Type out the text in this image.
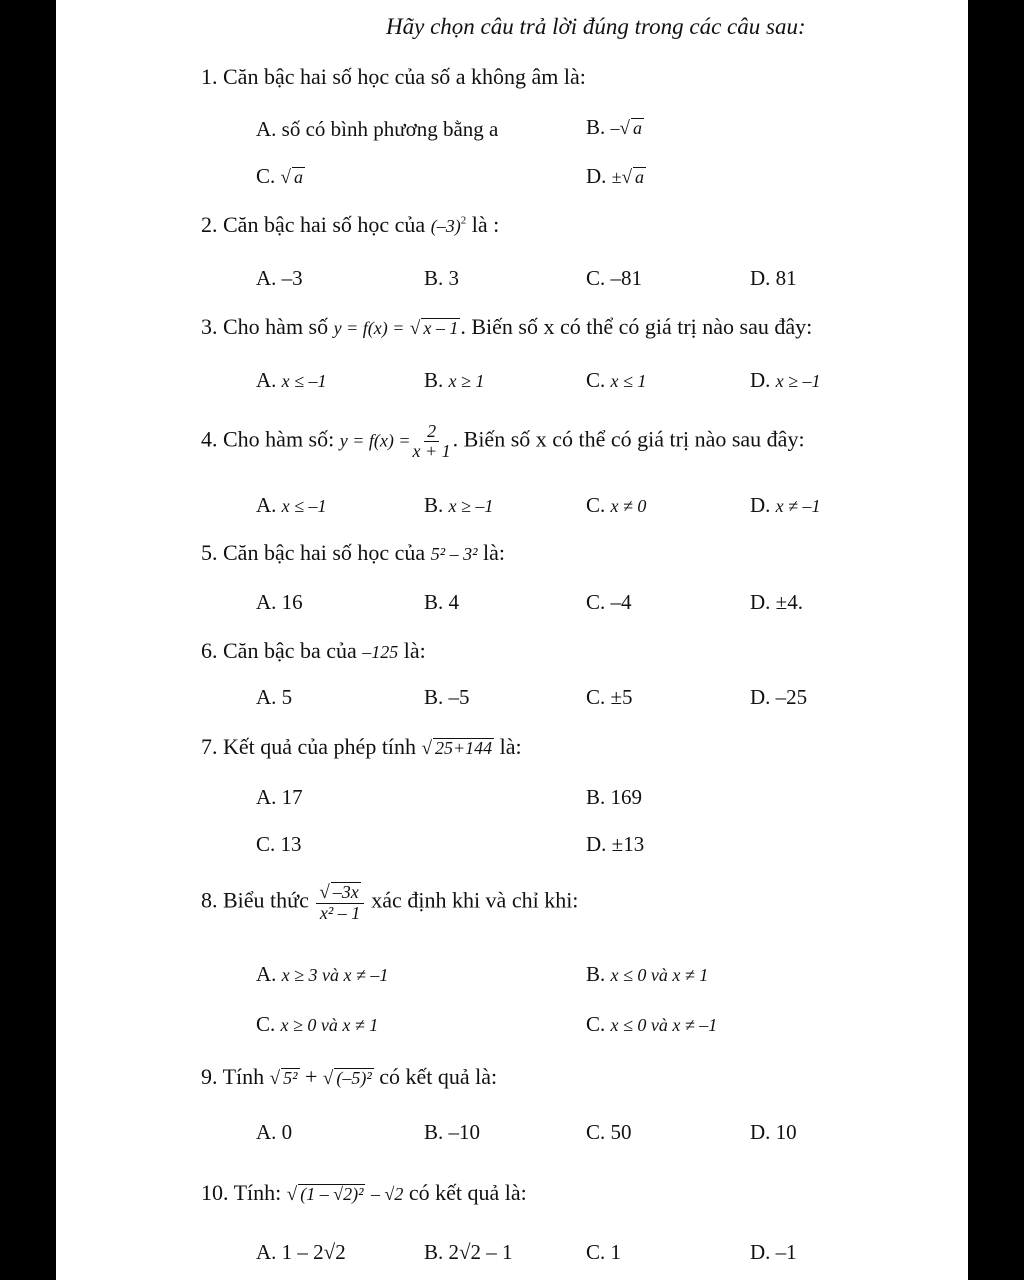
Hãy chọn câu trả lời đúng trong các câu sau:
1. Căn bậc hai số học của số a không âm là:
A. số có bình phương bằng a	B. –√ a
C. √ a	D. ±√ a
2. Căn bậc hai số học của $(-3)^2$ là :
A. –3	B. 3	C. –81	D. 81
3. Cho hàm số y = f(x) = √ x – 1. Biến số x có thể có giá trị nào sau đây:
A. x ≤ –1	B. x ≥ 1	C. x ≤ 1	D. x ≥ –1
4. Cho hàm số: $y = f(x) = \frac{2}{x + 1}$ . Biến số x có thể có giá trị nào sau đây:
A. x ≤ –1	B. x ≥ –1	C. x ≠ 0	D. x ≠ –1
5. Căn bậc hai số học của 5² – 3² là:
A. 16	B. 4	C. –4	D. ±4.
6. Căn bậc ba của –125 là:
A. 5	B. –5	C. ±5	D. –25
7. Kết quả của phép tính √ 25+144 là:
A. 17	B. 169
C. 13	D. ±13
8. Biểu thức $\frac{√ -3x}{\text{x² – 1}}$ xác định khi và chỉ khi:
A. x ≥ 3 và x ≠ –1	B. x ≤ 0 và x ≠ 1
C. x ≥ 0 và x ≠ 1	C. x ≤ 0 và x ≠ –1
9. Tính √ 5² + √ (–5)² có kết quả là:
A. 0	B. –10	C. 50	D. 10
10. Tính: √ (1 – √2)² – √2 có kết quả là:
A. 1 – 2√2	B. 2√2 – 1	C. 1	D. –1
